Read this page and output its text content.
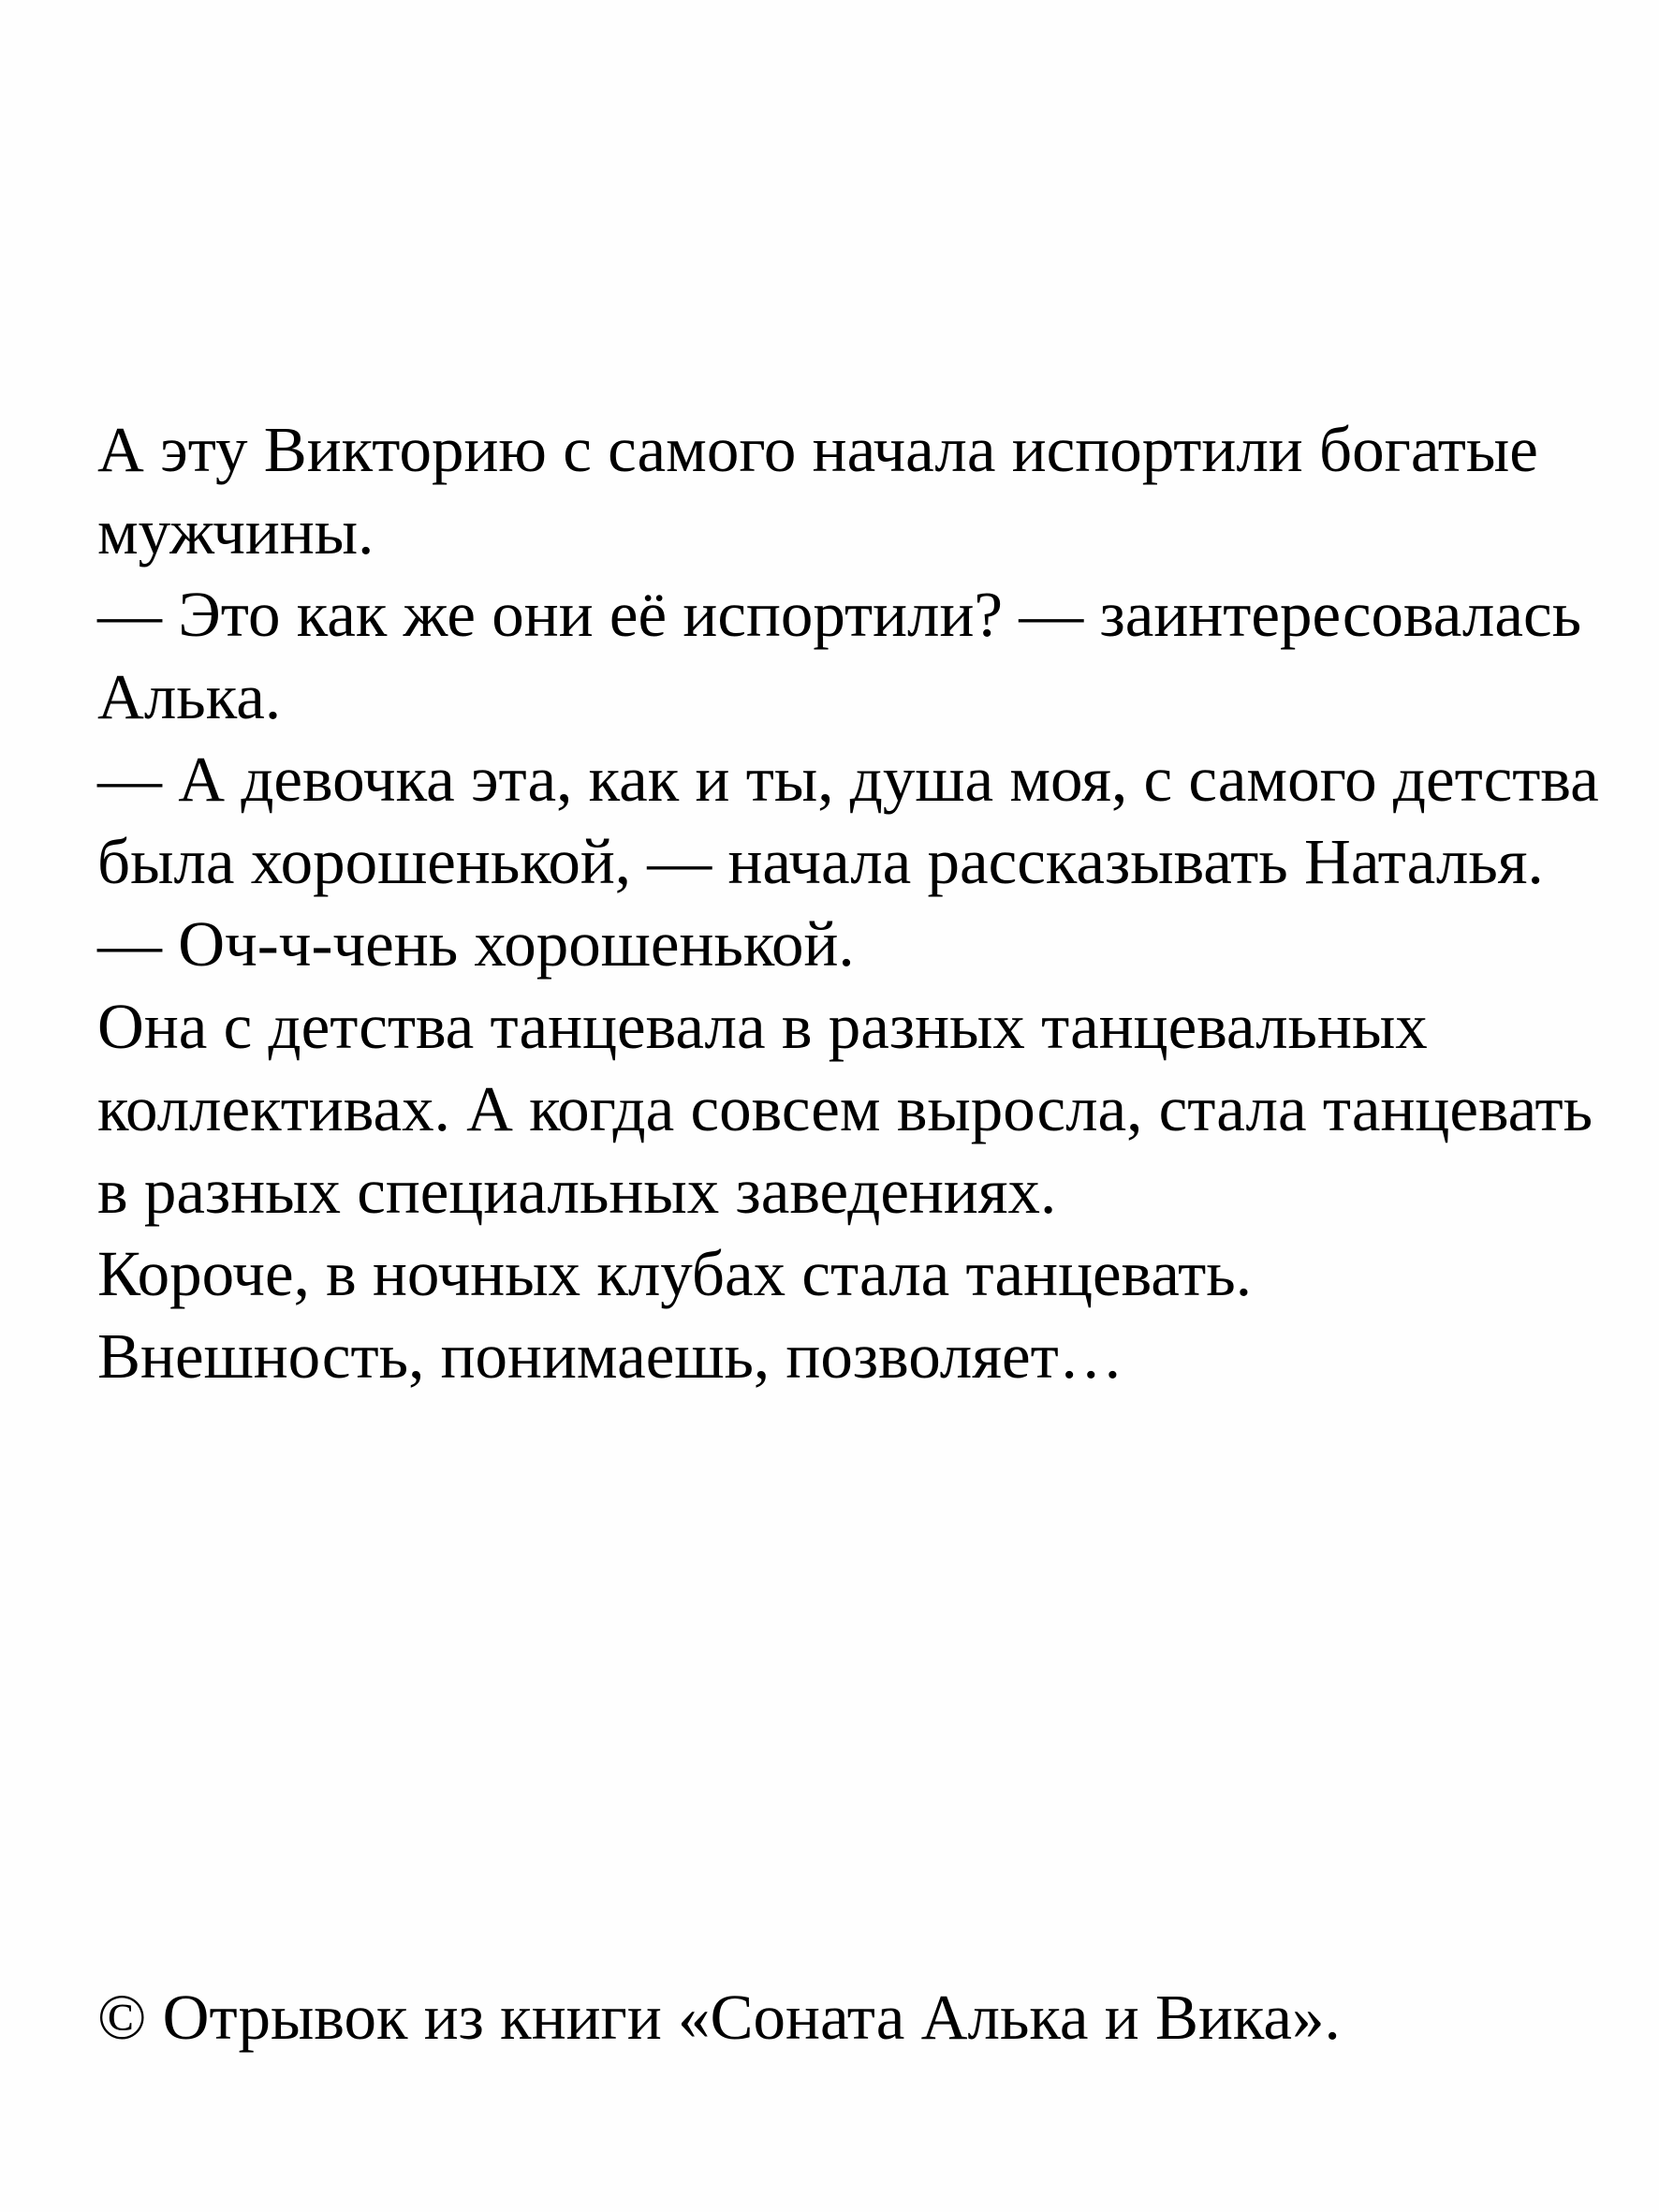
А эту Викторию с самого начала испортили богатые
мужчины.
— Это как же они её испортили? — заинтересовалась
Алька.
— А девочка эта, как и ты, душа моя, с самого детства
была хорошенькой, — начала рассказывать Наталья.
— Оч-ч-чень хорошенькой.
Она с детства танцевала в разных танцевальных
коллективах. А когда совсем выросла, стала танцевать
в разных специальных заведениях.
Короче, в ночных клубах стала танцевать.
Внешность, понимаешь, позволяет…
© Отрывок из книги «Соната Алька и Вика».
